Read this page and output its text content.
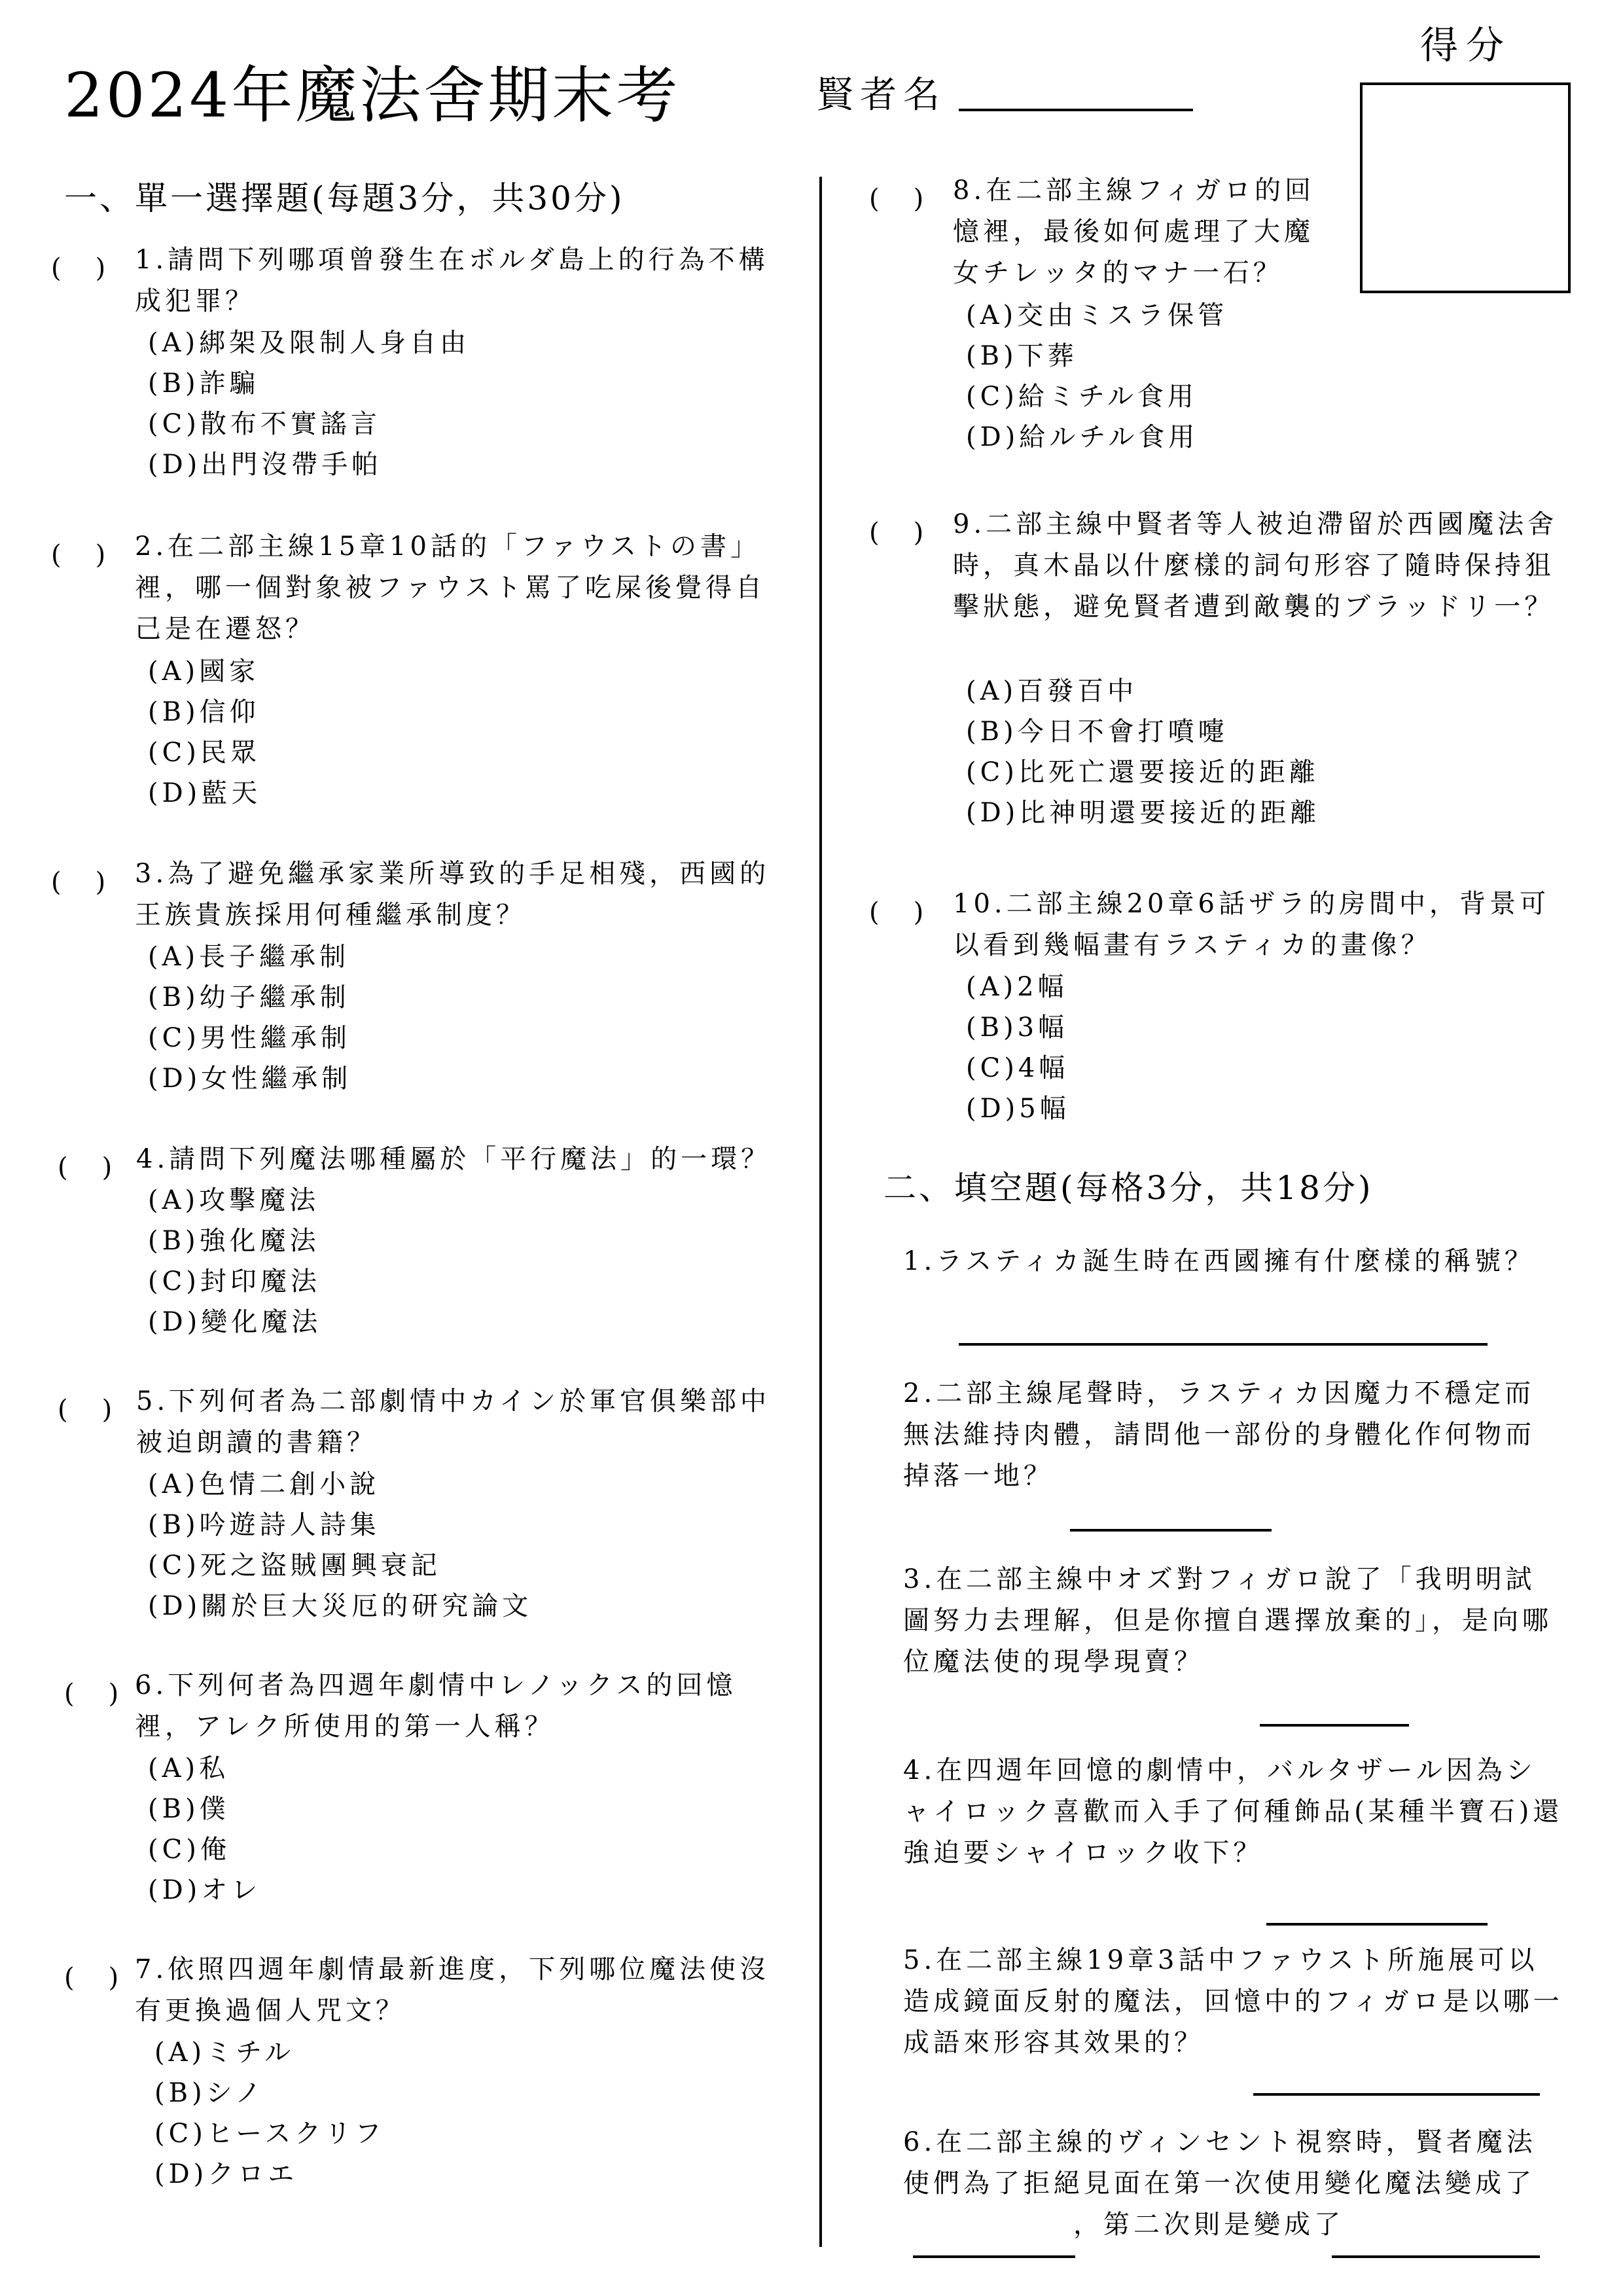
2024年魔法舍期末考	賢者名
得分
一、單一選擇題(每題3分，共30分)
(　) 1.請問下列哪項曾發生在ボルダ島上的行為不構成犯罪？
(A)綁架及限制人身自由
(B)詐騙
(C)散布不實謠言
(D)出門沒帶手帕
(　) 2.在二部主線15章10話的「ファウストの書」裡，哪一個對象被ファウスト罵了吃屎後覺得自己是在遷怒？
(A)國家
(B)信仰
(C)民眾
(D)藍天
(　) 3.為了避免繼承家業所導致的手足相殘，西國的王族貴族採用何種繼承制度？
(A)長子繼承制
(B)幼子繼承制
(C)男性繼承制
(D)女性繼承制
(　) 4.請問下列魔法哪種屬於「平行魔法」的一環？
(A)攻擊魔法
(B)強化魔法
(C)封印魔法
(D)變化魔法
(　) 5.下列何者為二部劇情中カイン於軍官俱樂部中被迫朗讀的書籍？
(A)色情二創小說
(B)吟遊詩人詩集
(C)死之盜賊團興衰記
(D)關於巨大災厄的研究論文
(　) 6.下列何者為四週年劇情中レノックス的回憶裡，アレク所使用的第一人稱？
(A)私
(B)僕
(C)俺
(D)オレ
(　) 7.依照四週年劇情最新進度，下列哪位魔法使沒有更換過個人咒文？
(A)ミチル
(B)シノ
(C)ヒースクリフ
(D)クロエ
(　) 8.在二部主線フィガロ的回憶裡，最後如何處理了大魔女チレッタ的マナ一石？
(A)交由ミスラ保管
(B)下葬
(C)給ミチル食用
(D)給ルチル食用
(　) 9.二部主線中賢者等人被迫滯留於西國魔法舍時，真木晶以什麼樣的詞句形容了隨時保持狙擊狀態，避免賢者遭到敵襲的ブラッドリ一？
(A)百發百中
(B)今日不會打噴嚏
(C)比死亡還要接近的距離
(D)比神明還要接近的距離
(　) 10.二部主線20章6話ザラ的房間中，背景可以看到幾幅畫有ラスティカ的畫像？
(A)2幅
(B)3幅
(C)4幅
(D)5幅
二、填空題(每格3分，共18分)
1.ラスティカ誕生時在西國擁有什麼樣的稱號？
2.二部主線尾聲時，ラスティカ因魔力不穩定而無法維持肉體，請問他一部份的身體化作何物而掉落一地？
3.在二部主線中オズ對フィガロ說了「我明明試圖努力去理解，但是你擅自選擇放棄的」，是向哪位魔法使的現學現賣？
4.在四週年回憶的劇情中，バルタザール因為シャイロック喜歡而入手了何種飾品(某種半寶石)還強迫要シャイロック收下？
5.在二部主線19章3話中ファウスト所施展可以造成鏡面反射的魔法，回憶中的フィガロ是以哪一成語來形容其效果的？
6.在二部主線的ヴィンセント視察時，賢者魔法使們為了拒絕見面在第一次使用變化魔法變成了
，第二次則是變成了
